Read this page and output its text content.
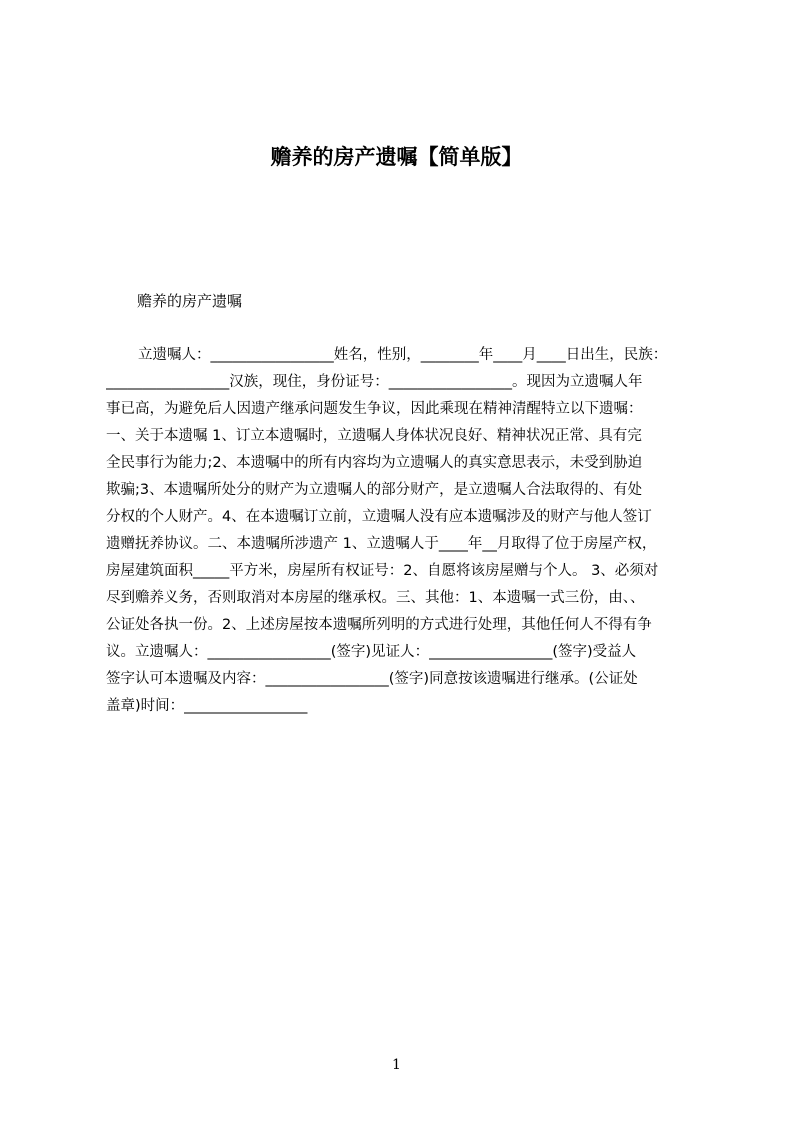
赡养的房产遗嘱【简单版】

赡养的房产遗嘱

立遗嘱人：_________________姓名，性别，________年____月____日出生，民族：
_________________汉族，现住，身份证号：_________________。现因为立遗嘱人年
事已高，为避免后人因遗产继承问题发生争议，因此乘现在精神清醒特立以下遗嘱：
一、关于本遗嘱 1、订立本遗嘱时，立遗嘱人身体状况良好、精神状况正常、具有完
全民事行为能力;2、本遗嘱中的所有内容均为立遗嘱人的真实意思表示，未受到胁迫
欺骗;3、本遗嘱所处分的财产为立遗嘱人的部分财产，是立遗嘱人合法取得的、有处
分权的个人财产。4、在本遗嘱订立前，立遗嘱人没有应本遗嘱涉及的财产与他人签订
遗赠抚养协议。二、本遗嘱所涉遗产 1、立遗嘱人于____年__月取得了位于房屋产权，
房屋建筑面积_____平方米，房屋所有权证号：2、自愿将该房屋赠与个人。 3、必须对
尽到赡养义务，否则取消对本房屋的继承权。三、其他：1、本遗嘱一式三份，由、、
公证处各执一份。2、上述房屋按本遗嘱所列明的方式进行处理，其他任何人不得有争
议。立遗嘱人：_________________(签字)见证人：_________________(签字)受益人
签字认可本遗嘱及内容：_________________(签字)同意按该遗嘱进行继承。(公证处
盖章)时间：_________________
1
